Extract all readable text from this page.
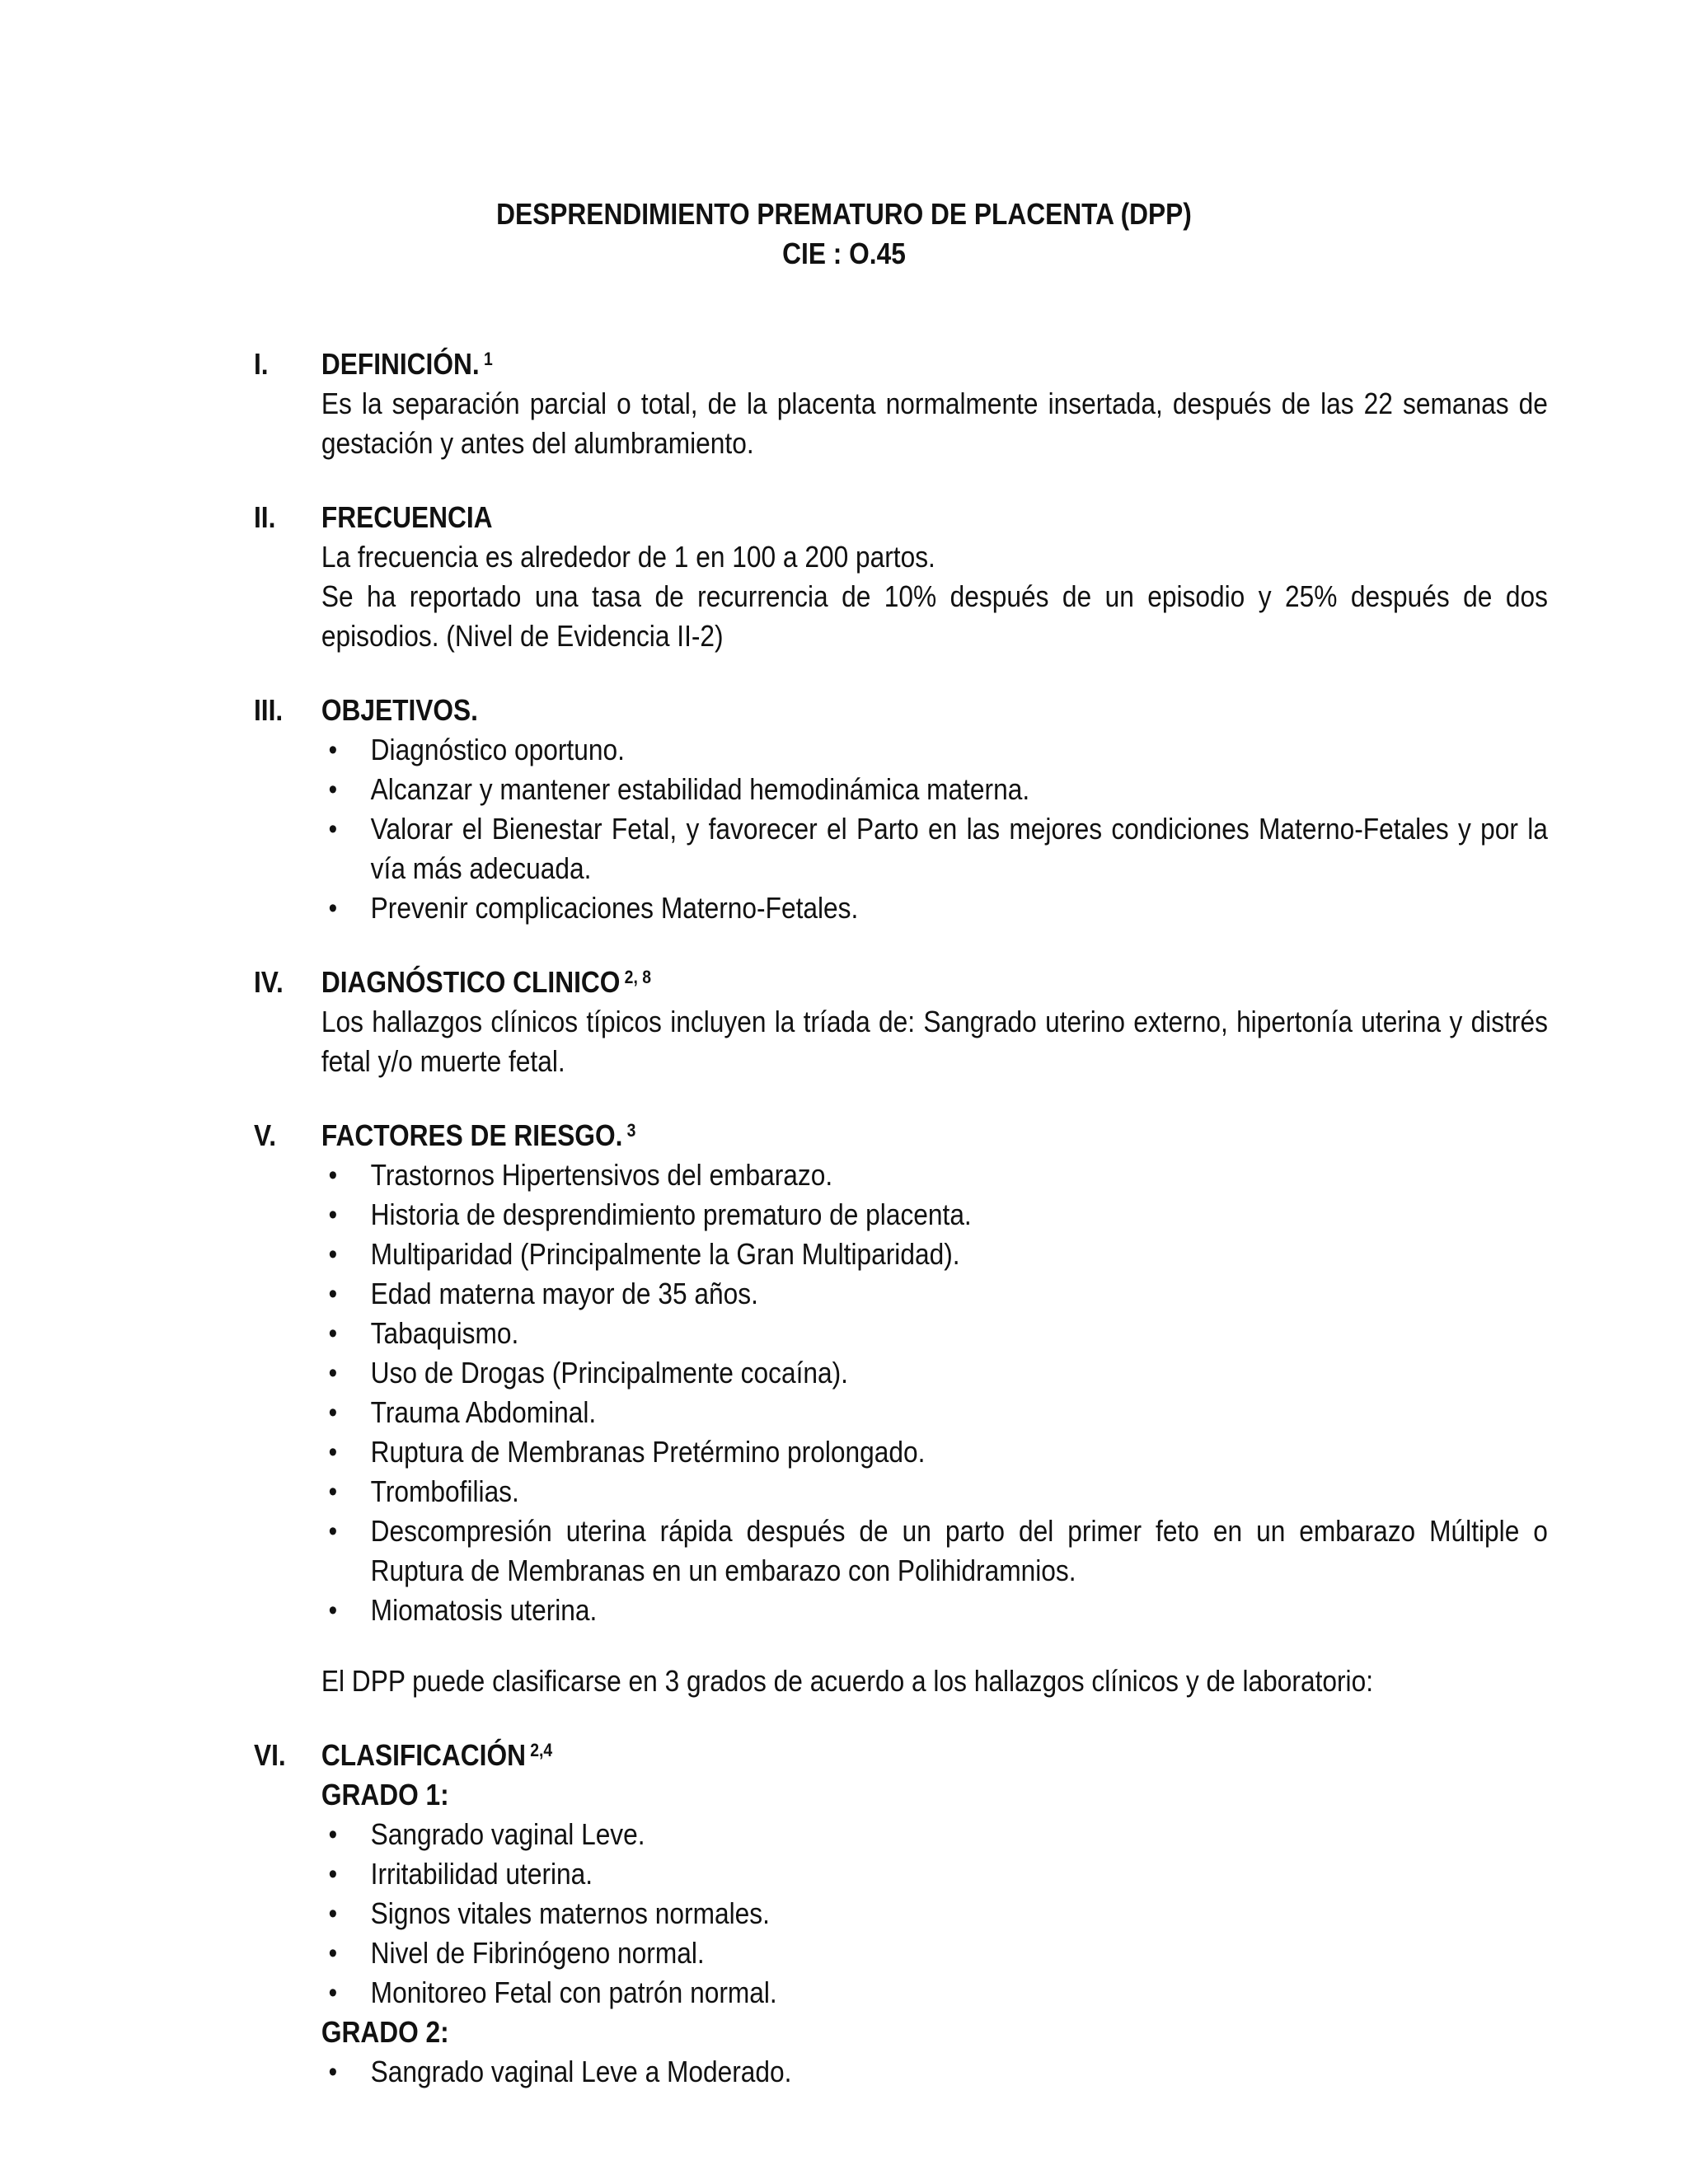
DESPRENDIMIENTO PREMATURO DE PLACENTA (DPP)
CIE : O.45
I.	DEFINICIÓN. $^1$

Es la separación parcial o total, de la placenta normalmente insertada, después de las 22 semanas de gestación y antes del alumbramiento.

II.	FRECUENCIA

La frecuencia es alrededor de 1 en 100 a 200 partos.

Se ha reportado una tasa de recurrencia de 10% después de un episodio y 25% después de dos episodios. (Nivel de Evidencia II-2)

III.	OBJETIVOS.
• Diagnóstico oportuno.
• Alcanzar y mantener estabilidad hemodinámica materna.
• Valorar el Bienestar Fetal, y favorecer el Parto en las mejores condiciones Materno-Fetales y por la vía más adecuada.
• Prevenir complicaciones Materno-Fetales.
IV.	DIAGNÓSTICO CLINICO $^{2, 8}$

Los hallazgos clínicos típicos incluyen la tríada de: Sangrado uterino externo, hipertonía uterina y distrés fetal y/o muerte fetal.

V.	FACTORES DE RIESGO. $^3$
• Trastornos Hipertensivos del embarazo.
• Historia de desprendimiento prematuro de placenta.
• Multiparidad (Principalmente la Gran Multiparidad).
• Edad materna mayor de 35 años.
• Tabaquismo.
• Uso de Drogas (Principalmente cocaína).
• Trauma Abdominal.
• Ruptura de Membranas Pretérmino prolongado.
• Trombofilias.
• Descompresión uterina rápida después de un parto del primer feto en un embarazo Múltiple o Ruptura de Membranas en un embarazo con Polihidramnios.
• Miomatosis uterina.

El DPP puede clasificarse en 3 grados de acuerdo a los hallazgos clínicos y de laboratorio:

VI.	CLASIFICACIÓN $^{2,4}$
GRADO 1:
• Sangrado vaginal Leve.
• Irritabilidad uterina.
• Signos vitales maternos normales.
• Nivel de Fibrinógeno normal.
• Monitoreo Fetal con patrón normal.
GRADO 2:
• Sangrado vaginal Leve a Moderado.
